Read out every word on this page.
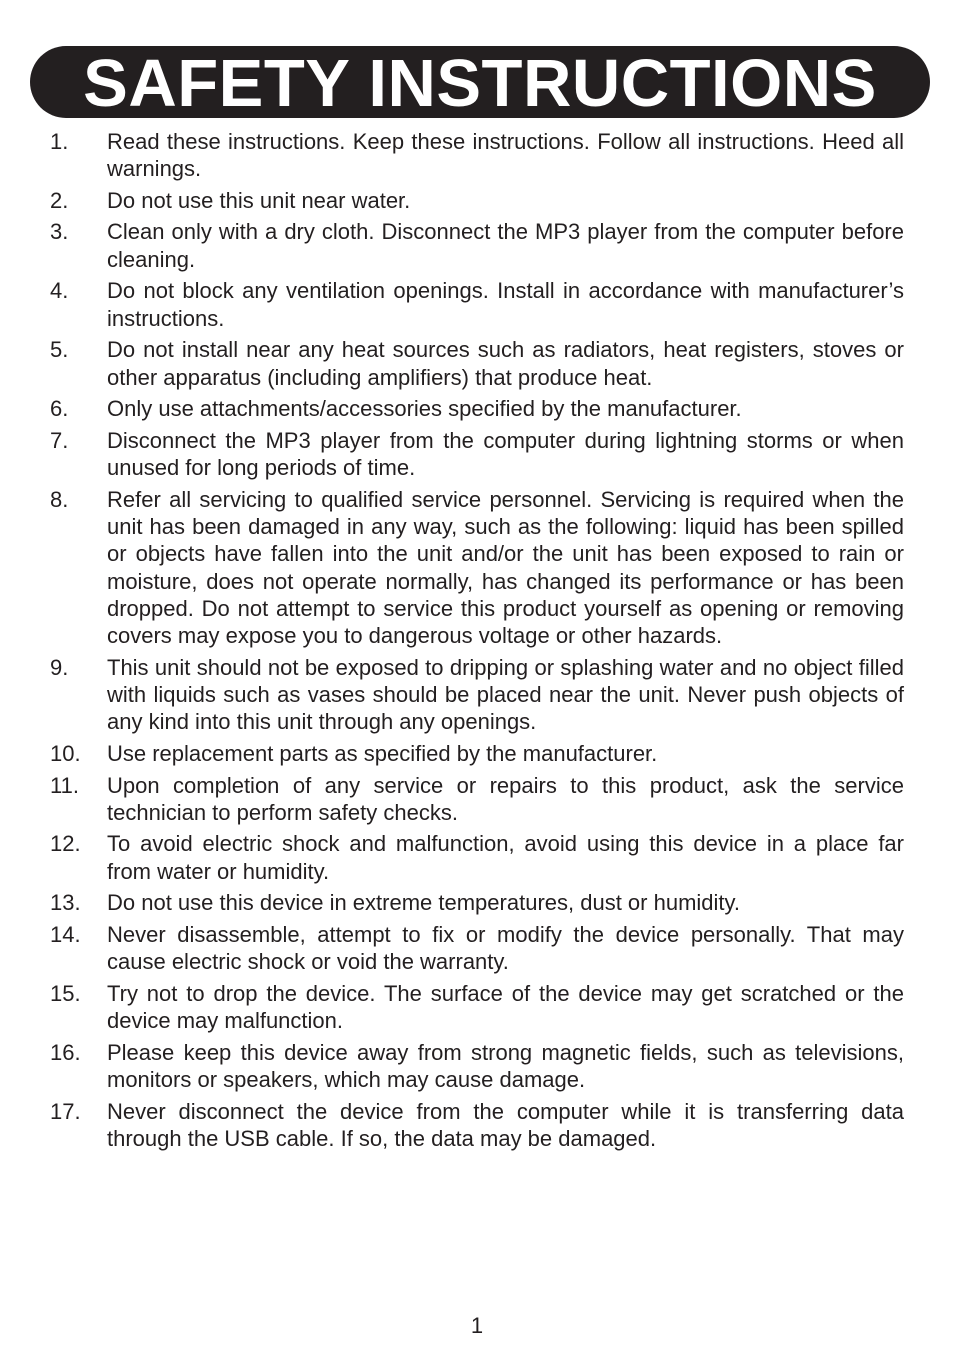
SAFETY INSTRUCTIONS
1.	Read these instructions. Keep these instructions. Follow all instructions. Heed all warnings.
2.	Do not use this unit near water.
3.	Clean only with a dry cloth. Disconnect the MP3 player from the computer before cleaning.
4.	Do not block any ventilation openings. Install in accordance with manufacturer’s instructions.
5.	Do not install near any heat sources such as radiators, heat registers, stoves or other apparatus (including amplifiers) that produce heat.
6.	Only use attachments/accessories specified by the manufacturer.
7.	Disconnect the MP3 player from the computer during lightning storms or when unused for long periods of time.
8.	Refer all servicing to qualified service personnel. Servicing is required when the unit has been damaged in any way, such as the following: liquid has been spilled or objects have fallen into the unit and/or the unit has been exposed to rain or moisture, does not operate normally, has changed its performance or has been dropped. Do not attempt to service this product yourself as opening or removing covers may expose you to dangerous voltage or other hazards.
9.	This unit should not be exposed to dripping or splashing water and no object filled with liquids such as vases should be placed near the unit. Never push objects of any kind into this unit through any openings.
10.	Use replacement parts as specified by the manufacturer.
11.	Upon completion of any service or repairs to this product, ask the service technician to perform safety checks.
12.	To avoid electric shock and malfunction, avoid using this device in a place far from water or humidity.
13.	Do not use this device in extreme temperatures, dust or humidity.
14.	Never disassemble, attempt to fix or modify the device personally. That may cause electric shock or void the warranty.
15.	Try not to drop the device. The surface of the device may get scratched or the device may malfunction.
16.	Please keep this device away from strong magnetic fields, such as televisions, monitors or speakers, which may cause damage.
17.	Never disconnect the device from the computer while it is transferring data through the USB cable. If so, the data may be damaged.
1
